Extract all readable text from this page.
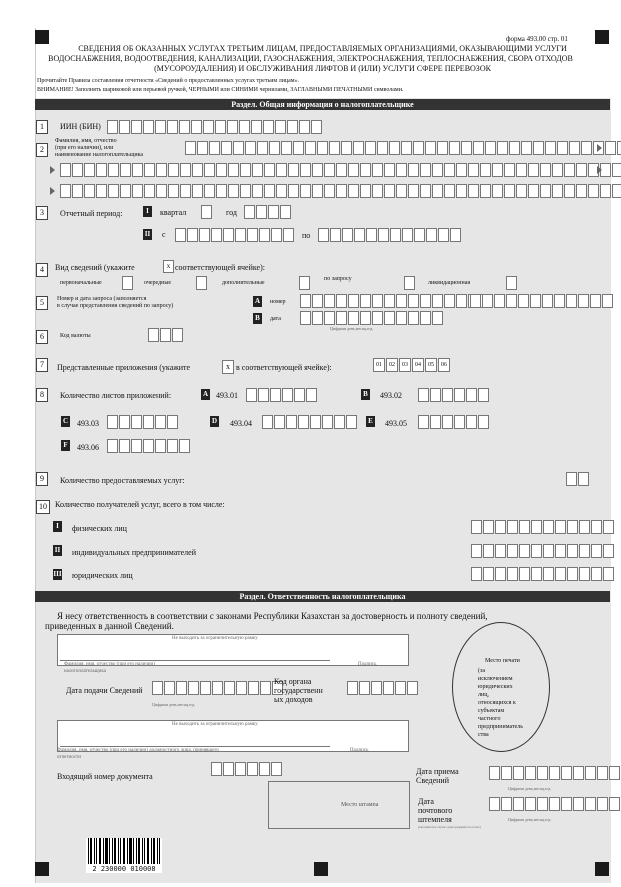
форма 493.00 стр. 01
СВЕДЕНИЯ ОБ ОКАЗАННЫХ УСЛУГАХ ТРЕТЬИМ ЛИЦАМ, ПРЕДОСТАВЛЯЕМЫХ ОРГАНИЗАЦИЯМИ, ОКАЗЫВАЮЩИМИ УСЛУГИ
ВОДОСНАБЖЕНИЯ, ВОДООТВЕДЕНИЯ, КАНАЛИЗАЦИИ, ГАЗОСНАБЖЕНИЯ, ЭЛЕКТРОСНАБЖЕНИЯ, ТЕПЛОСНАБЖЕНИЯ, СБОРА ОТХОДОВ
(МУСОРОУДАЛЕНИЯ) И ОБСЛУЖИВАНИЯ ЛИФТОВ И (ИЛИ) УСЛУГИ СФЕРЕ ПЕРЕВОЗОК
Прочитайте Правила составления отчетности «Сведений о предоставленных услугах третьим лицам».
ВНИМАНИЕ! Заполнять шариковой или перьевой ручкой, ЧЕРНЫМИ или СИНИМИ чернилами, ЗАГЛАВНЫМИ ПЕЧАТНЫМИ символами.
Раздел. Общая информация о налогоплательщике
1	ИИН (БИН)
2
Фамилия, имя, отчество
(при его наличии), или
наименование налогоплательщика
3	Отчетный период:	I	квартал	год
II с	по
4	Вид сведений (укажите	x соответствующей ячейке):
первоначальные	очередные	дополнительные
по запросу
ликвидационная
5	Номер и дата запроса (заполняется
в случае представления сведений по запросу)
A	номер
B	дата
Цифрами день,месяц,год
6	Код валюты
7	Представленные приложения (укажите	x в соответствующей ячейке):	01	02	03	04	05	06
8	Количество листов приложений:	A 493.01	B 493.02
C 493.03	D 493.04	E 493.05
F 493.06
9	Количество предоставляемых услуг:
10	Количество получателей услуг, всего в том числе:
I	физических лиц
II индивидуальных предпринимателей
III юридических лиц
Раздел. Ответственность налогоплательщика
Я несу ответственность в соответствии с законами Республики Казахстан за достоверность и полноту сведений,
приведенных в данной Сведений.
Не выходить за ограничительную рамку
Фамилия, имя, отчество (при его наличии)
налогоплательщика
Подпись
Место печати
(за
исключением
юридических
лиц,
относящихся к
субъектам
частного
предприниматель
ства
Дата подачи Сведений
Цифрами день,месяц,год
Код органа
государственн
ых доходов
Не выходить за ограничительную рамку
Фамилия, имя, отчество (при его наличии) должностного лица, принявшего
отчетности
Подпись
Входящий номер документа
Место штампа
Дата приема
Сведений
Цифрами день,месяц,год
Дата
почтового
штемпеля
(заполняется в случае сдачи документа по почте)
Цифрами день,месяц,год
2 230000 010008
